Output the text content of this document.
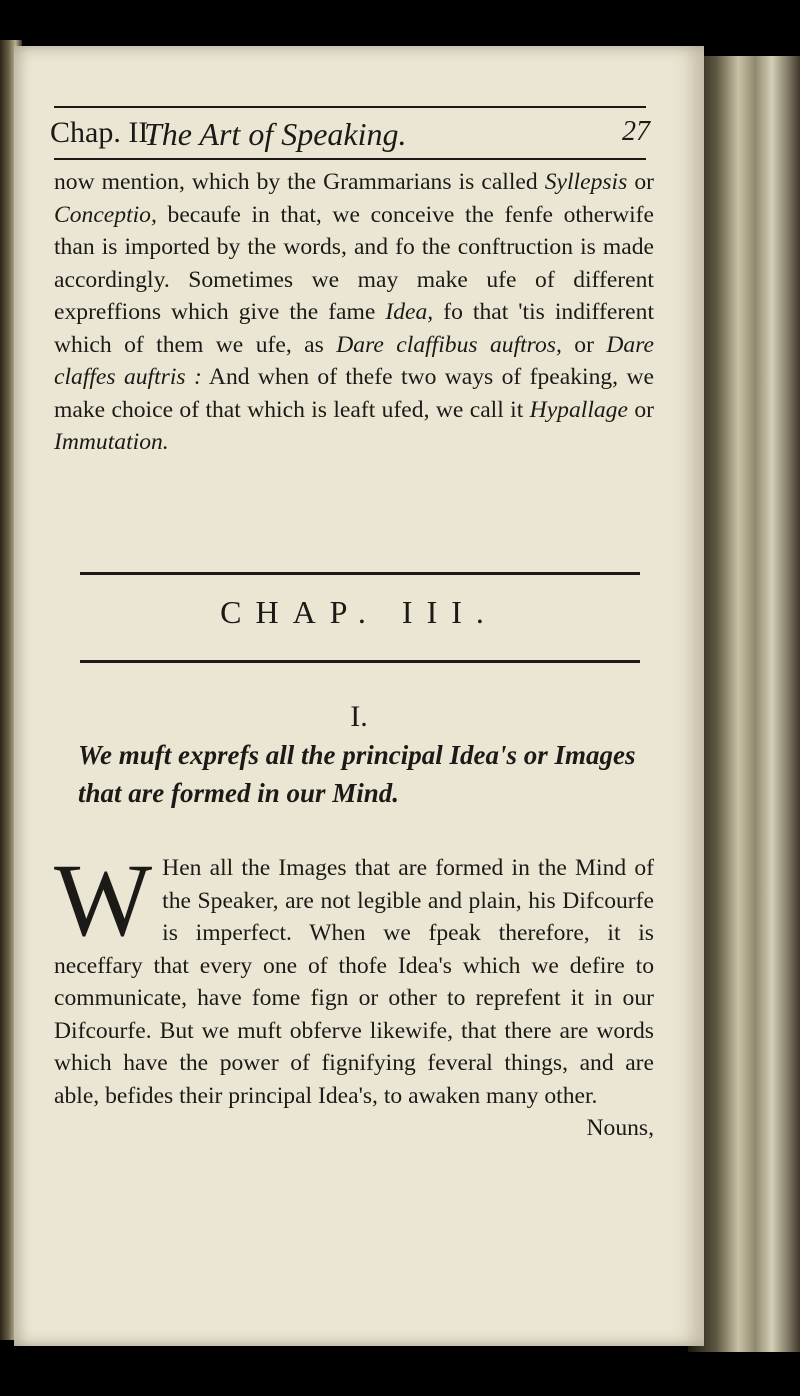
Chap. II.
The Art of Speaking.	27

now mention, which by the Grammarians is called Syllepsis or Conceptio, becaufe in that, we conceive the fenfe otherwife than is imported by the words, and fo the conftruction is made accordingly. Sometimes we may make ufe of different expreffions which give the fame Idea, fo that 'tis indifferent which of them we ufe, as Dare claffibus auftros, or Dare claffes auftris : And when of thefe two ways of fpeaking, we make choice of that which is leaft ufed, we call it Hypallage or Immutation.

CHAP. III.
I.
We muft exprefs all the principal Idea's or Images that are formed in our Mind.

W Hen all the Images that are formed in the Mind of the Speaker, are not legible and plain, his Difcourfe is imperfect. When we fpeak therefore, it is neceffary that every one of thofe Idea's which we defire to communicate, have fome fign or other to reprefent it in our Difcourfe. But we muft obferve likewife, that there are words which have the power of fignifying feveral things, and are able, befides their principal Idea's, to awaken many other.
Nouns,
